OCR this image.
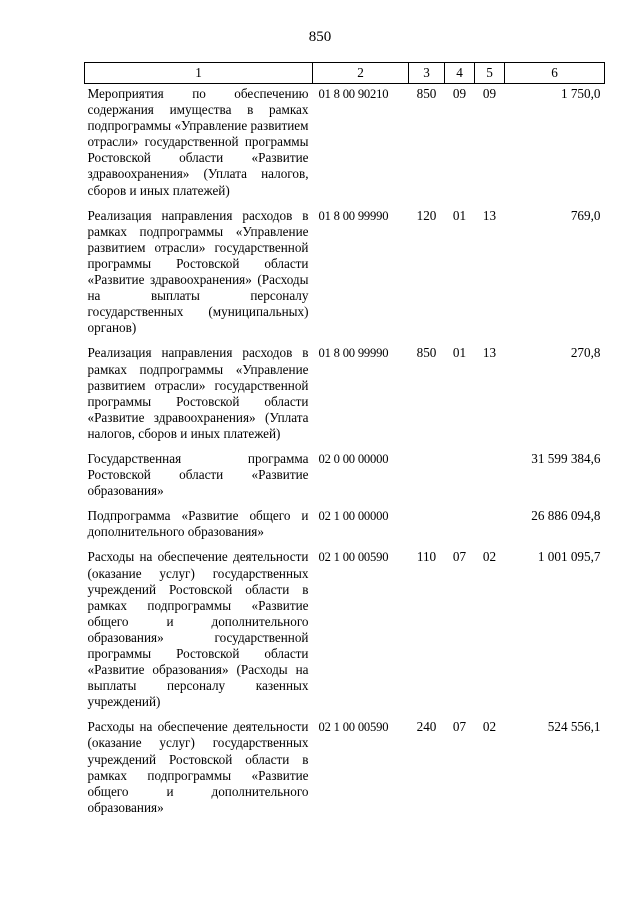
850
1	2	3	4	5	6
Мероприятия по обеспечению содержания имущества в рамках подпрограммы «Управление развитием отрасли» государственной программы Ростовской области «Развитие здравоохранения» (Уплата налогов, сборов и иных платежей)	01 8 00 90210	850	09	09	1 750,0
Реализация направления расходов в рамках подпрограммы «Управление развитием отрасли» государственной программы Ростовской области «Развитие здравоохранения» (Расходы на выплаты персоналу государственных (муниципальных) органов)	01 8 00 99990	120	01	13	769,0
Реализация направления расходов в рамках подпрограммы «Управление развитием отрасли» государственной программы Ростовской области «Развитие здравоохранения» (Уплата налогов, сборов и иных платежей)	01 8 00 99990	850	01	13	270,8
Государственная программа Ростовской области «Развитие образования»	02 0 00 00000				31 599 384,6
Подпрограмма «Развитие общего и дополнительного образования»	02 1 00 00000				26 886 094,8
Расходы на обеспечение деятельности (оказание услуг) государственных учреждений Ростовской области в рамках подпрограммы «Развитие общего и дополнительного образования» государственной программы Ростовской области «Развитие образования» (Расходы на выплаты персоналу казенных учреждений)	02 1 00 00590	110	07	02	1 001 095,7
Расходы на обеспечение деятельности (оказание услуг) государственных учреждений Ростовской области в рамках подпрограммы «Развитие общего и дополнительного образования»	02 1 00 00590	240	07	02	524 556,1
